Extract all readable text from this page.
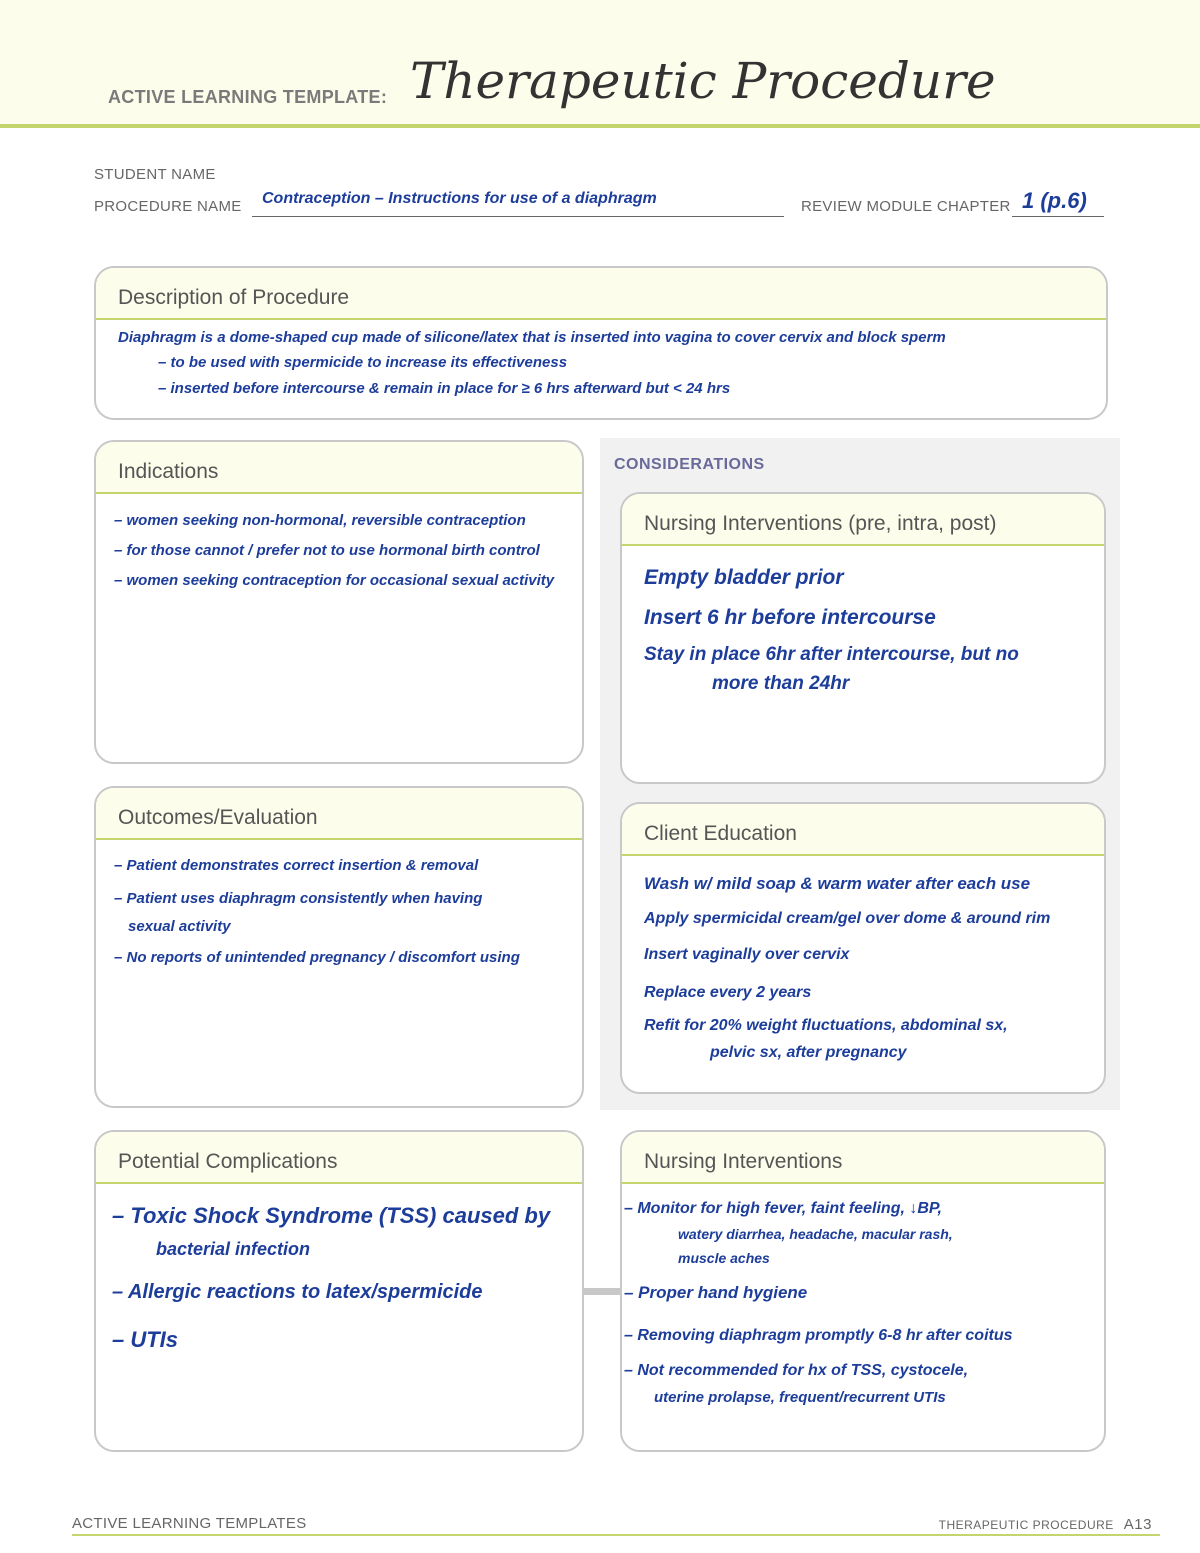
ACTIVE LEARNING TEMPLATE: Therapeutic Procedure
STUDENT NAME
PROCEDURE NAME Contraception – Instructions for use of a diaphragm	REVIEW MODULE CHAPTER 1 (p.6)
Description of Procedure
Diaphragm is a dome-shaped cup made of silicone/latex that is inserted into vagina to cover cervix and block sperm
– to be used with spermicide to increase its effectiveness
– inserted before intercourse & remain in place for ≥ 6 hrs afterward but < 24 hrs
Indications
– women seeking non-hormonal, reversible contraception
– for those cannot / prefer not to use hormonal birth control
– women seeking contraception for occasional sexual activity
CONSIDERATIONS
Nursing Interventions (pre, intra, post)
Empty bladder prior
Insert 6 hr before intercourse
Stay in place 6hr after intercourse, but no
more than 24hr
Outcomes/Evaluation
– Patient demonstrates correct insertion & removal
– Patient uses diaphragm consistently when having
sexual activity
– No reports of unintended pregnancy / discomfort using
Client Education
Wash w/ mild soap & warm water after each use
Apply spermicidal cream/gel over dome & around rim
Insert vaginally over cervix
Replace every 2 years
Refit for 20% weight fluctuations, abdominal sx,
pelvic sx, after pregnancy
Potential Complications
– Toxic Shock Syndrome (TSS) caused by
bacterial infection
– Allergic reactions to latex/spermicide
– UTIs
Nursing Interventions
– Monitor for high fever, faint feeling, ↓BP,
watery diarrhea, headache, macular rash,
muscle aches
– Proper hand hygiene
– Removing diaphragm promptly 6-8 hr after coitus
– Not recommended for hx of TSS, cystocele,
uterine prolapse, frequent/recurrent UTIs
ACTIVE LEARNING TEMPLATES	THERAPEUTIC PROCEDURE A13
